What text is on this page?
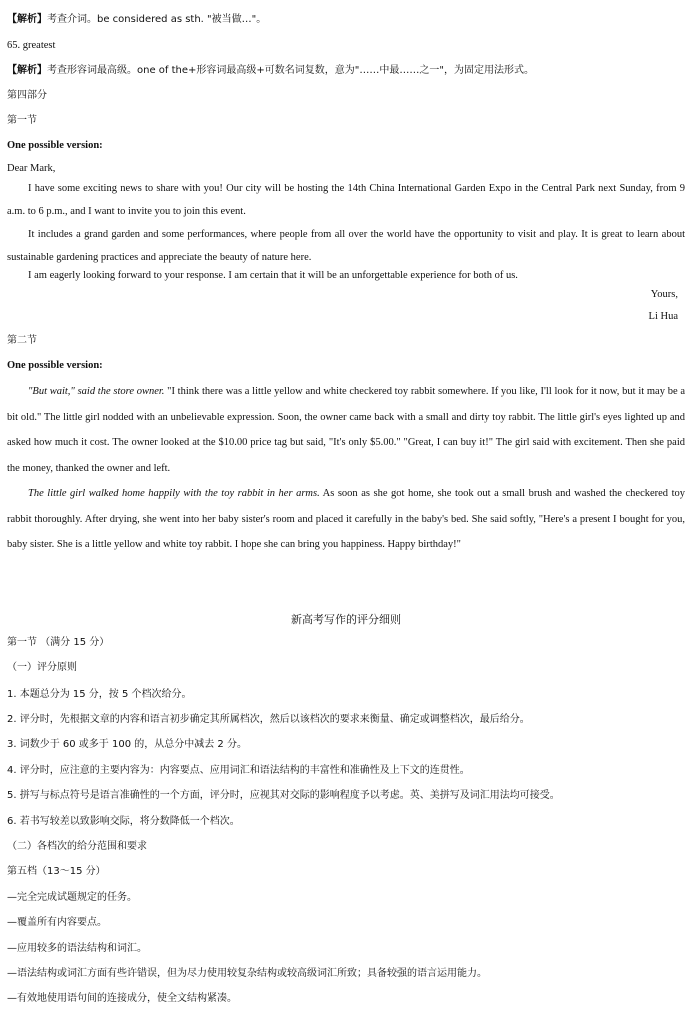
【解析】考查介词。be considered as sth. "被当做…"。
65. greatest
【解析】考查形容词最高级。one of the+形容词最高级+可数名词复数，意为"……中最……之一"，为固定用法形式。
第四部分
第一节
One possible version:
Dear Mark,
I have some exciting news to share with you! Our city will be hosting the 14th China International Garden Expo in the Central Park next Sunday, from 9 a.m. to 6 p.m., and I want to invite you to join this event.
It includes a grand garden and some performances, where people from all over the world have the opportunity to visit and play. It is great to learn about sustainable gardening practices and appreciate the beauty of nature here.
I am eagerly looking forward to your response. I am certain that it will be an unforgettable experience for both of us.
Yours,
Li Hua
第二节
One possible version:
"But wait," said the store owner. "I think there was a little yellow and white checkered toy rabbit somewhere. If you like, I'll look for it now, but it may be a bit old." The little girl nodded with an unbelievable expression. Soon, the owner came back with a small and dirty toy rabbit. The little girl's eyes lighted up and asked how much it cost. The owner looked at the $10.00 price tag but said, "It's only $5.00." "Great, I can buy it!" The girl said with excitement. Then she paid the money, thanked the owner and left.
The little girl walked home happily with the toy rabbit in her arms. As soon as she got home, she took out a small brush and washed the checkered toy rabbit thoroughly. After drying, she went into her baby sister's room and placed it carefully in the baby's bed. She said softly, "Here's a present I bought for you, baby sister. She is a little yellow and white toy rabbit. I hope she can bring you happiness. Happy birthday!"
新高考写作的评分细则
第一节 （满分 15 分）
（一）评分原则
1. 本题总分为 15 分，按 5 个档次给分。
2. 评分时，先根据文章的内容和语言初步确定其所属档次，然后以该档次的要求来衡量、确定或调整档次，最后给分。
3. 词数少于 60 或多于 100 的，从总分中减去 2 分。
4. 评分时，应注意的主要内容为：内容要点、应用词汇和语法结构的丰富性和准确性及上下文的连贯性。
5. 拼写与标点符号是语言准确性的一个方面，评分时，应视其对交际的影响程度予以考虑。英、美拼写及词汇用法均可接受。
6. 若书写较差以致影响交际，将分数降低一个档次。
（二）各档次的给分范围和要求
第五档（13～15 分）
—完全完成试题规定的任务。
—覆盖所有内容要点。
—应用较多的语法结构和词汇。
—语法结构或词汇方面有些许错误，但为尽力使用较复杂结构或较高级词汇所致；具备较强的语言运用能力。
—有效地使用语句间的连接成分，使全文结构紧凑。
